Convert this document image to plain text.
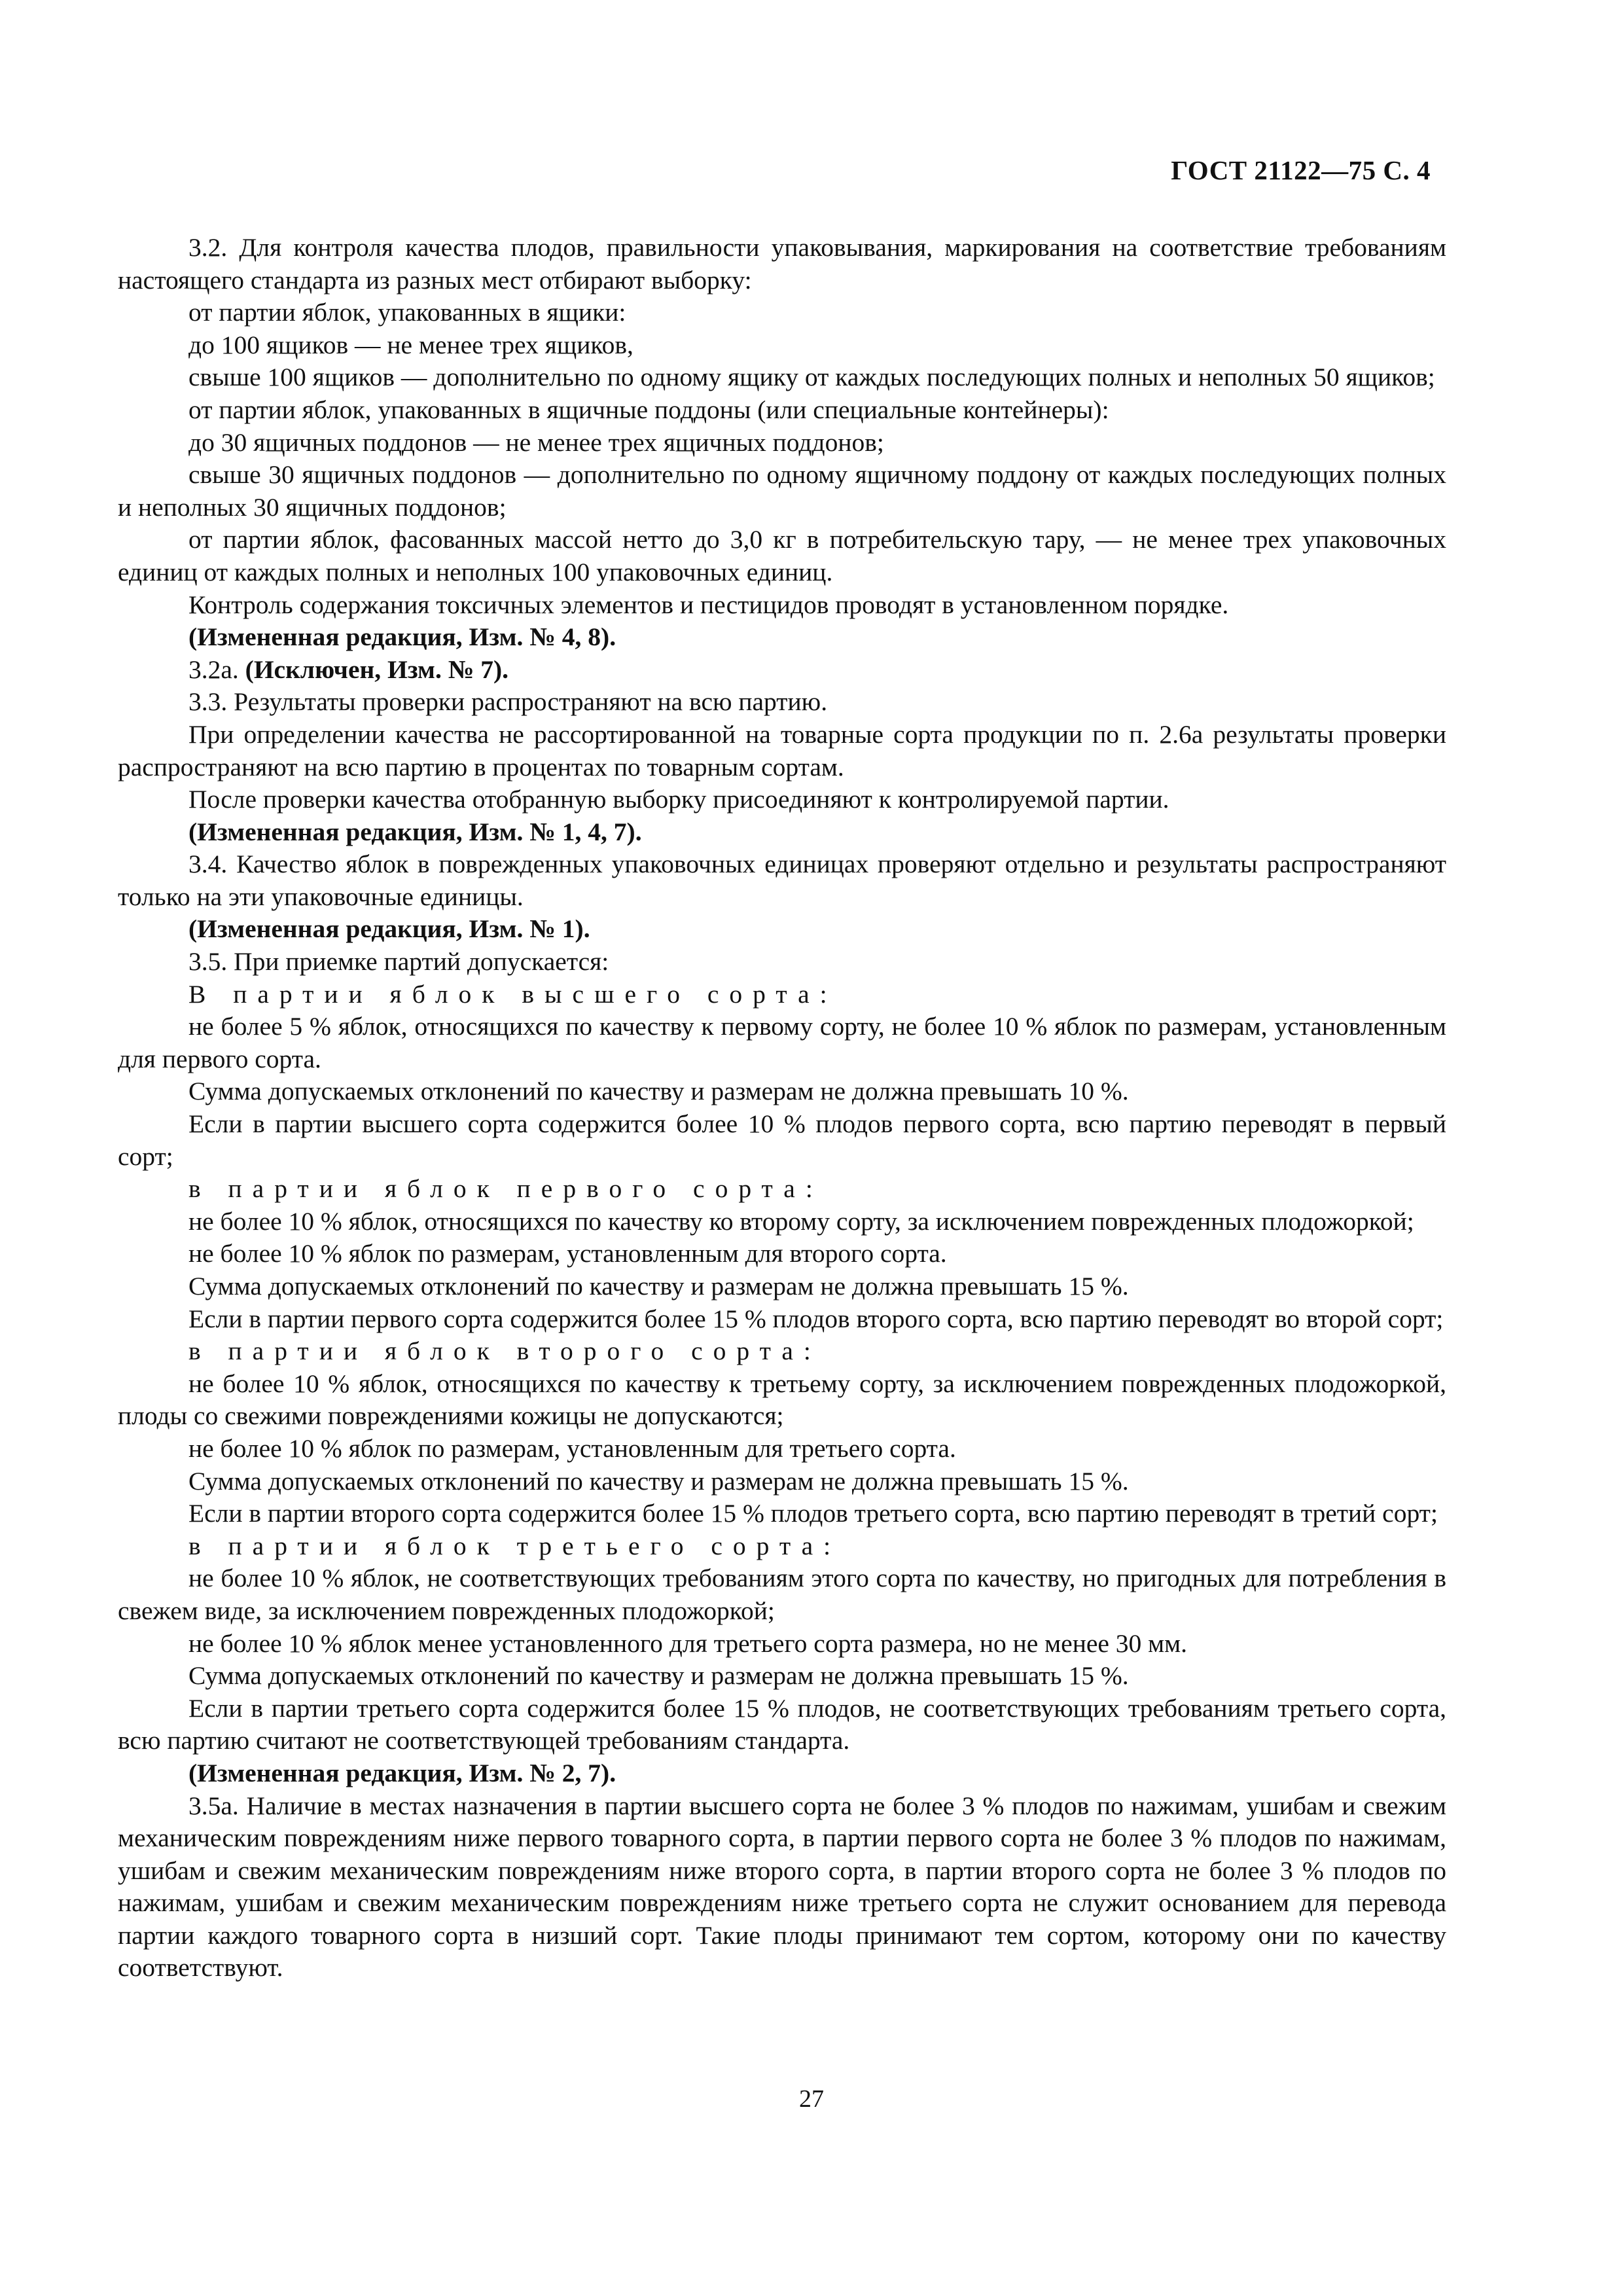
ГОСТ 21122—75 С. 4
3.2. Для контроля качества плодов, правильности упаковывания, маркирования на соответствие требованиям настоящего стандарта из разных мест отбирают выборку:
от партии яблок, упакованных в ящики:
до 100 ящиков — не менее трех ящиков,
свыше 100 ящиков — дополнительно по одному ящику от каждых последующих полных и неполных 50 ящиков;
от партии яблок, упакованных в ящичные поддоны (или специальные контейнеры):
до 30 ящичных поддонов — не менее трех ящичных поддонов;
свыше 30 ящичных поддонов — дополнительно по одному ящичному поддону от каждых последующих полных и неполных 30 ящичных поддонов;
от партии яблок, фасованных массой нетто до 3,0 кг в потребительскую тару, — не менее трех упаковочных единиц от каждых полных и неполных 100 упаковочных единиц.
Контроль содержания токсичных элементов и пестицидов проводят в установленном порядке.
(Измененная редакция, Изм. № 4, 8).
3.2а. (Исключен, Изм. № 7).
3.3. Результаты проверки распространяют на всю партию.
При определении качества не рассортированной на товарные сорта продукции по п. 2.6а результаты проверки распространяют на всю партию в процентах по товарным сортам.
После проверки качества отобранную выборку присоединяют к контролируемой партии.
(Измененная редакция, Изм. № 1, 4, 7).
3.4. Качество яблок в поврежденных упаковочных единицах проверяют отдельно и результаты распространяют только на эти упаковочные единицы.
(Измененная редакция, Изм. № 1).
3.5. При приемке партий допускается:
В партии яблок высшего сорта:
не более 5 % яблок, относящихся по качеству к первому сорту, не более 10 % яблок по размерам, установленным для первого сорта.
Сумма допускаемых отклонений по качеству и размерам не должна превышать 10 %.
Если в партии высшего сорта содержится более 10 % плодов первого сорта, всю партию переводят в первый сорт;
в партии яблок первого сорта:
не более 10 % яблок, относящихся по качеству ко второму сорту, за исключением поврежденных плодожоркой;
не более 10 % яблок по размерам, установленным для второго сорта.
Сумма допускаемых отклонений по качеству и размерам не должна превышать 15 %.
Если в партии первого сорта содержится более 15 % плодов второго сорта, всю партию переводят во второй сорт;
в партии яблок второго сорта:
не более 10 % яблок, относящихся по качеству к третьему сорту, за исключением поврежденных плодожоркой, плоды со свежими повреждениями кожицы не допускаются;
не более 10 % яблок по размерам, установленным для третьего сорта.
Сумма допускаемых отклонений по качеству и размерам не должна превышать 15 %.
Если в партии второго сорта содержится более 15 % плодов третьего сорта, всю партию переводят в третий сорт;
в партии яблок третьего сорта:
не более 10 % яблок, не соответствующих требованиям этого сорта по качеству, но пригодных для потребления в свежем виде, за исключением поврежденных плодожоркой;
не более 10 % яблок менее установленного для третьего сорта размера, но не менее 30 мм.
Сумма допускаемых отклонений по качеству и размерам не должна превышать 15 %.
Если в партии третьего сорта содержится более 15 % плодов, не соответствующих требованиям третьего сорта, всю партию считают не соответствующей требованиям стандарта.
(Измененная редакция, Изм. № 2, 7).
3.5а. Наличие в местах назначения в партии высшего сорта не более 3 % плодов по нажимам, ушибам и свежим механическим повреждениям ниже первого товарного сорта, в партии первого сорта не более 3 % плодов по нажимам, ушибам и свежим механическим повреждениям ниже второго сорта, в партии второго сорта не более 3 % плодов по нажимам, ушибам и свежим механическим повреждениям ниже третьего сорта не служит основанием для перевода партии каждого товарного сорта в низший сорт. Такие плоды принимают тем сортом, которому они по качеству соответствуют.
27
